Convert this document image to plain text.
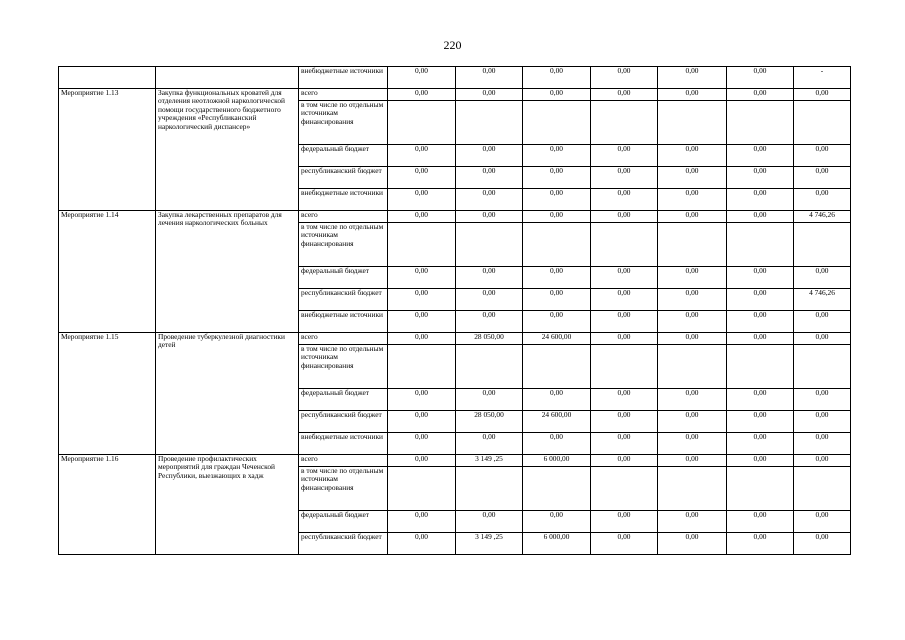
220
		внебюджетные источники	0,00	0,00	0,00	0,00	0,00	0,00	-
Мероприятие 1.13	Закупка функциональных кроватей для отделения неотложной наркологической помощи государственного бюджетного учреждения «Республиканский наркологический диспансер»	всего	0,00	0,00	0,00	0,00	0,00	0,00	0,00
		в том числе по отдельным источникам финансирования							
		федеральный бюджет	0,00	0,00	0,00	0,00	0,00	0,00	0,00
		республиканский бюджет	0,00	0,00	0,00	0,00	0,00	0,00	0,00
		внебюджетные источники	0,00	0,00	0,00	0,00	0,00	0,00	0,00
Мероприятие 1.14	Закупка лекарственных препаратов для лечения наркологических больных	всего	0,00	0,00	0,00	0,00	0,00	0,00	4 746,26
		в том числе по отдельным источникам финансирования							
		федеральный бюджет	0,00	0,00	0,00	0,00	0,00	0,00	0,00
		республиканский бюджет	0,00	0,00	0,00	0,00	0,00	0,00	4 746,26
		внебюджетные источники	0,00	0,00	0,00	0,00	0,00	0,00	0,00
Мероприятие 1.15	Проведение туберкулезной диагностики детей	всего	0,00	28 050,00	24 600,00	0,00	0,00	0,00	0,00
		в том числе по отдельным источникам финансирования							
		федеральный бюджет	0,00	0,00	0,00	0,00	0,00	0,00	0,00
		республиканский бюджет	0,00	28 050,00	24 600,00	0,00	0,00	0,00	0,00
		внебюджетные источники	0,00	0,00	0,00	0,00	0,00	0,00	0,00
Мероприятие 1.16	Проведение профилактических мероприятий для граждан Чеченской Республики, выезжающих в хадж	всего	0,00	3 149 ,25	6 000,00	0,00	0,00	0,00	0,00
		в том числе по отдельным источникам финансирования							
		федеральный бюджет	0,00	0,00	0,00	0,00	0,00	0,00	0,00
		республиканский бюджет	0,00	3 149 ,25	6 000,00	0,00	0,00	0,00	0,00
